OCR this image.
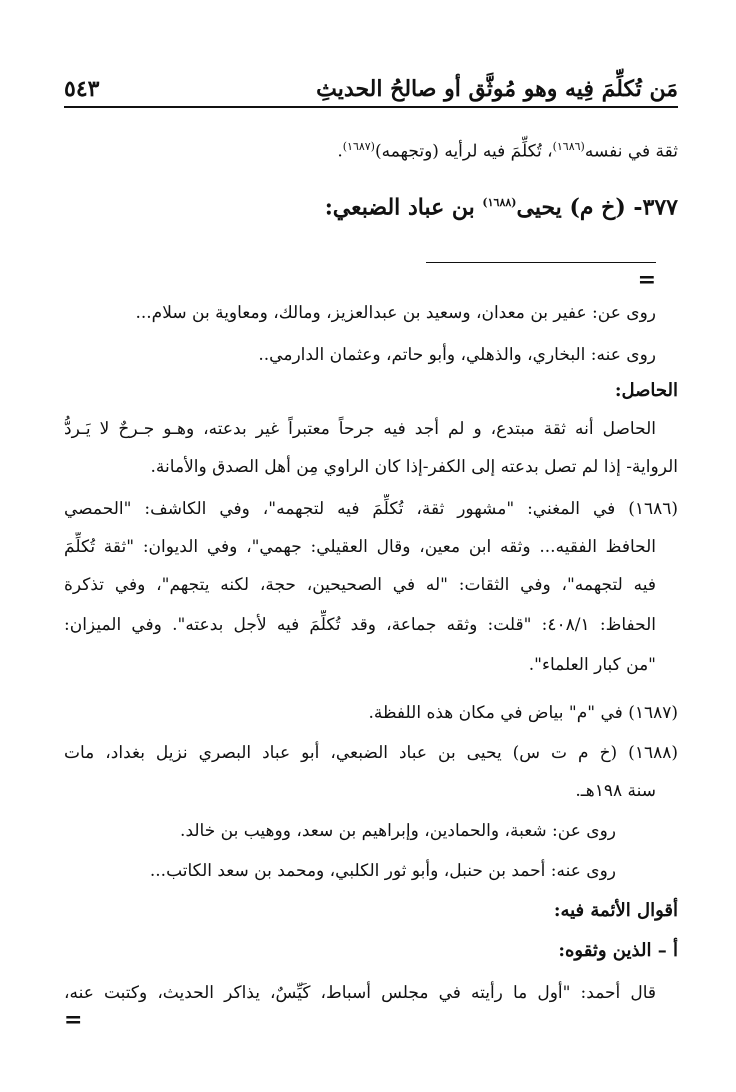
مَن تُكلِّمَ فِيه وهو مُوثَّق أو صالحُ الحديثِ
٥٤٣
ثقة في نفسه$^{(١٦٨٦)}$، تُكلِّمَ فيه لرأيه (وتجهمه)$^{(١٦٨٧)}$.
٣٧٧- (خ م) يحيى$^{(١٦٨٨)}$ بن عباد الضبعي:
=
روى عن: عفير بن معدان، وسعيد بن عبدالعزيز، ومالك، ومعاوية بن سلام...
روى عنه: البخاري، والذهلي، وأبو حاتم، وعثمان الدارمي..
الحاصل:
الحاصل أنه ثقة مبتدع، و لم أجد فيه جرحاً معتبراً غير بدعته، وهـو جـرحٌ لا يَـردُّ
الرواية- إذا لم تصل بدعته إلى الكفر-إذا كان الراوي مِن أهل الصدق والأمانة.
(١٦٨٦) في المغني: "مشهور ثقة، تُكلِّمَ فيه لتجهمه"، وفي الكاشف: "الحمصي
الحافظ الفقيه... وثقه ابن معين، وقال العقيلي: جهمي"، وفي الديوان: "ثقة تُكلِّمَ
فيه لتجهمه"، وفي الثقات: "له في الصحيحين، حجة، لكنه يتجهم"، وفي تذكرة
الحفاظ: ٤٠٨/١: "قلت: وثقه جماعة، وقد تُكلِّمَ فيه لأجل بدعته". وفي الميزان:
"من كبار العلماء".
(١٦٨٧) في "م" بياض في مكان هذه اللفظة.
(١٦٨٨) (خ م ت س) يحيى بن عباد الضبعي، أبو عباد البصري نزيل بغداد، مات
سنة ١٩٨هـ.
روى عن: شعبة، والحمادين، وإبراهيم بن سعد، ووهيب بن خالد.
روى عنه: أحمد بن حنبل، وأبو ثور الكلبي، ومحمد بن سعد الكاتب...
أقوال الأئمة فيه:
أ – الذين وثقوه:
قال أحمد: "أول ما رأيته في مجلس أسباط، كَيِّسٌ، يذاكر الحديث، وكتبت عنه،
=
